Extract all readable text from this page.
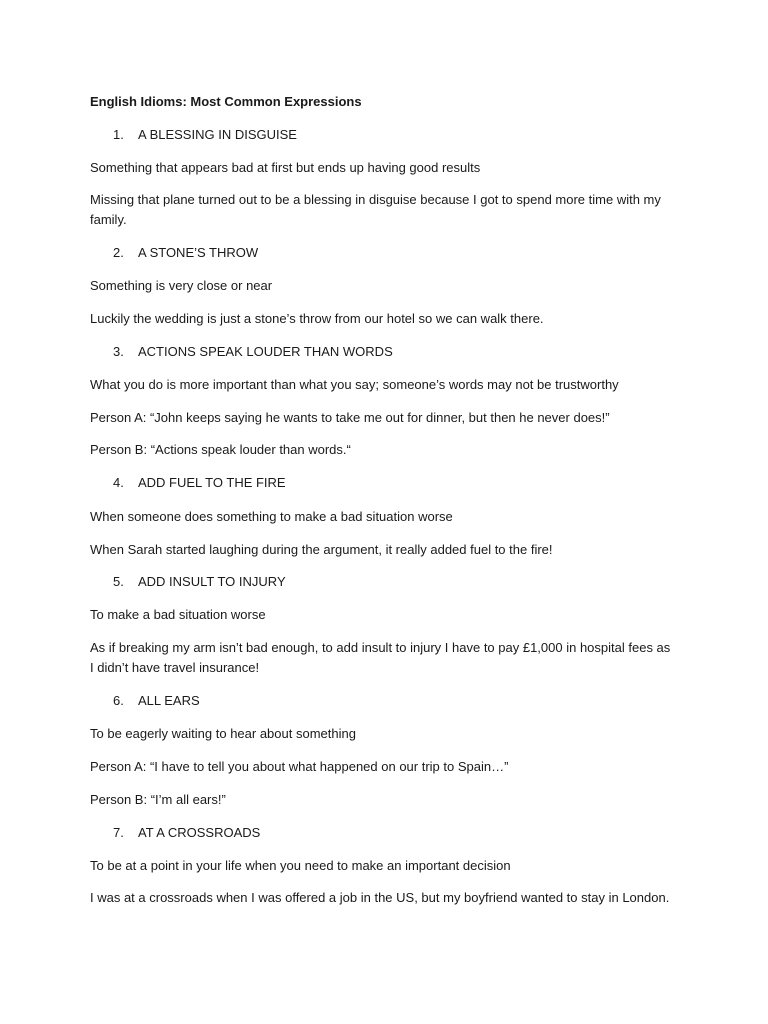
English Idioms: Most Common Expressions
1. A BLESSING IN DISGUISE
Something that appears bad at first but ends up having good results
Missing that plane turned out to be a blessing in disguise because I got to spend more time with my family.
2. A STONE’S THROW
Something is very close or near
Luckily the wedding is just a stone’s throw from our hotel so we can walk there.
3. ACTIONS SPEAK LOUDER THAN WORDS
What you do is more important than what you say; someone’s words may not be trustworthy
Person A: “John keeps saying he wants to take me out for dinner, but then he never does!”
Person B: “Actions speak louder than words.“
4. ADD FUEL TO THE FIRE
When someone does something to make a bad situation worse
When Sarah started laughing during the argument, it really added fuel to the fire!
5. ADD INSULT TO INJURY
To make a bad situation worse
As if breaking my arm isn’t bad enough, to add insult to injury I have to pay £1,000 in hospital fees as I didn’t have travel insurance!
6. ALL EARS
To be eagerly waiting to hear about something
Person A: “I have to tell you about what happened on our trip to Spain…”
Person B: “I’m all ears!”
7. AT A CROSSROADS
To be at a point in your life when you need to make an important decision
I was at a crossroads when I was offered a job in the US, but my boyfriend wanted to stay in London.
